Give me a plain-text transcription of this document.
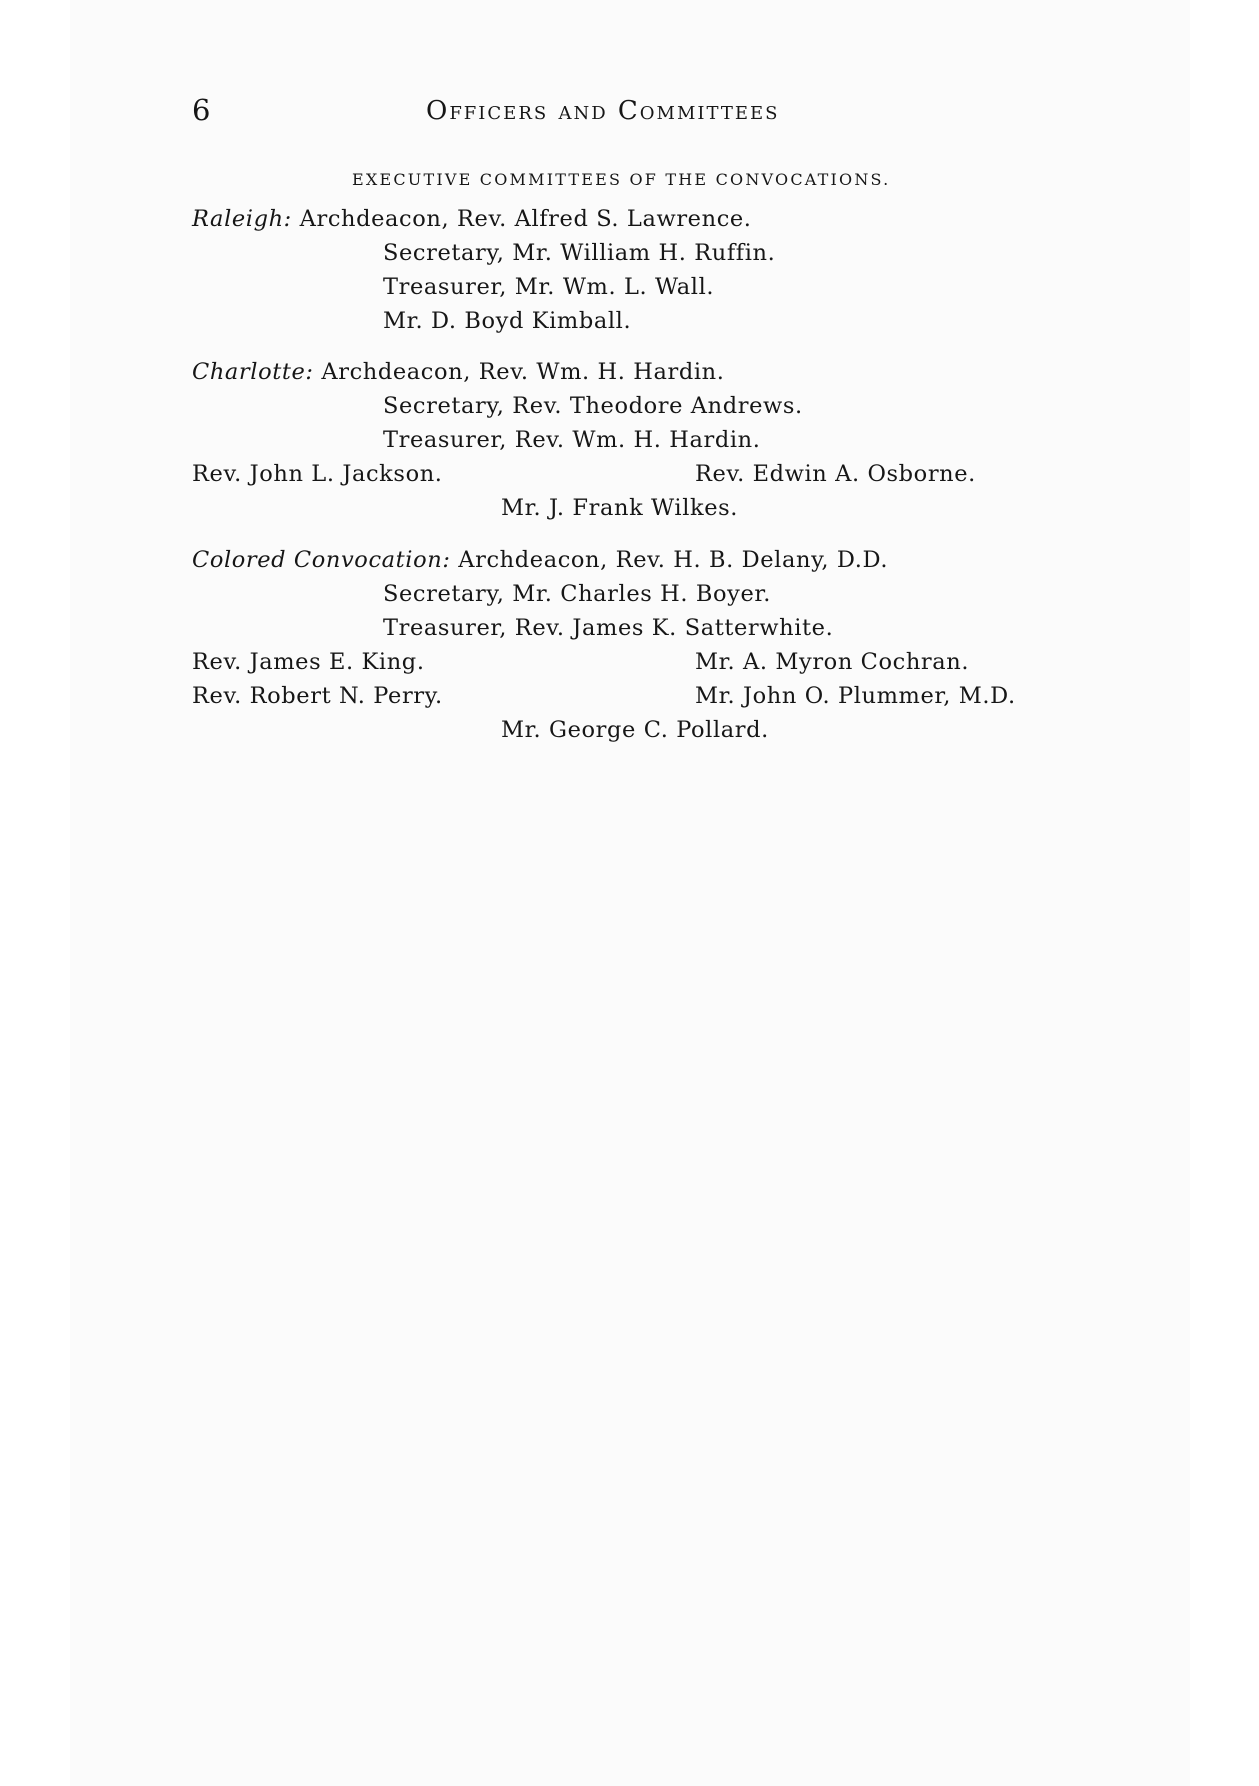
6	Officers and Committees
EXECUTIVE COMMITTEES OF THE CONVOCATIONS.
Raleigh: Archdeacon, Rev. Alfred S. Lawrence.
Secretary, Mr. William H. Ruffin.
Treasurer, Mr. Wm. L. Wall.
Mr. D. Boyd Kimball.
Charlotte: Archdeacon, Rev. Wm. H. Hardin.
Secretary, Rev. Theodore Andrews.
Treasurer, Rev. Wm. H. Hardin.
Rev. John L. Jackson.	Rev. Edwin A. Osborne.
Mr. J. Frank Wilkes.
Colored Convocation: Archdeacon, Rev. H. B. Delany, D.D.
Secretary, Mr. Charles H. Boyer.
Treasurer, Rev. James K. Satterwhite.
Rev. James E. King.	Mr. A. Myron Cochran.
Rev. Robert N. Perry.	Mr. John O. Plummer, M.D.
Mr. George C. Pollard.
